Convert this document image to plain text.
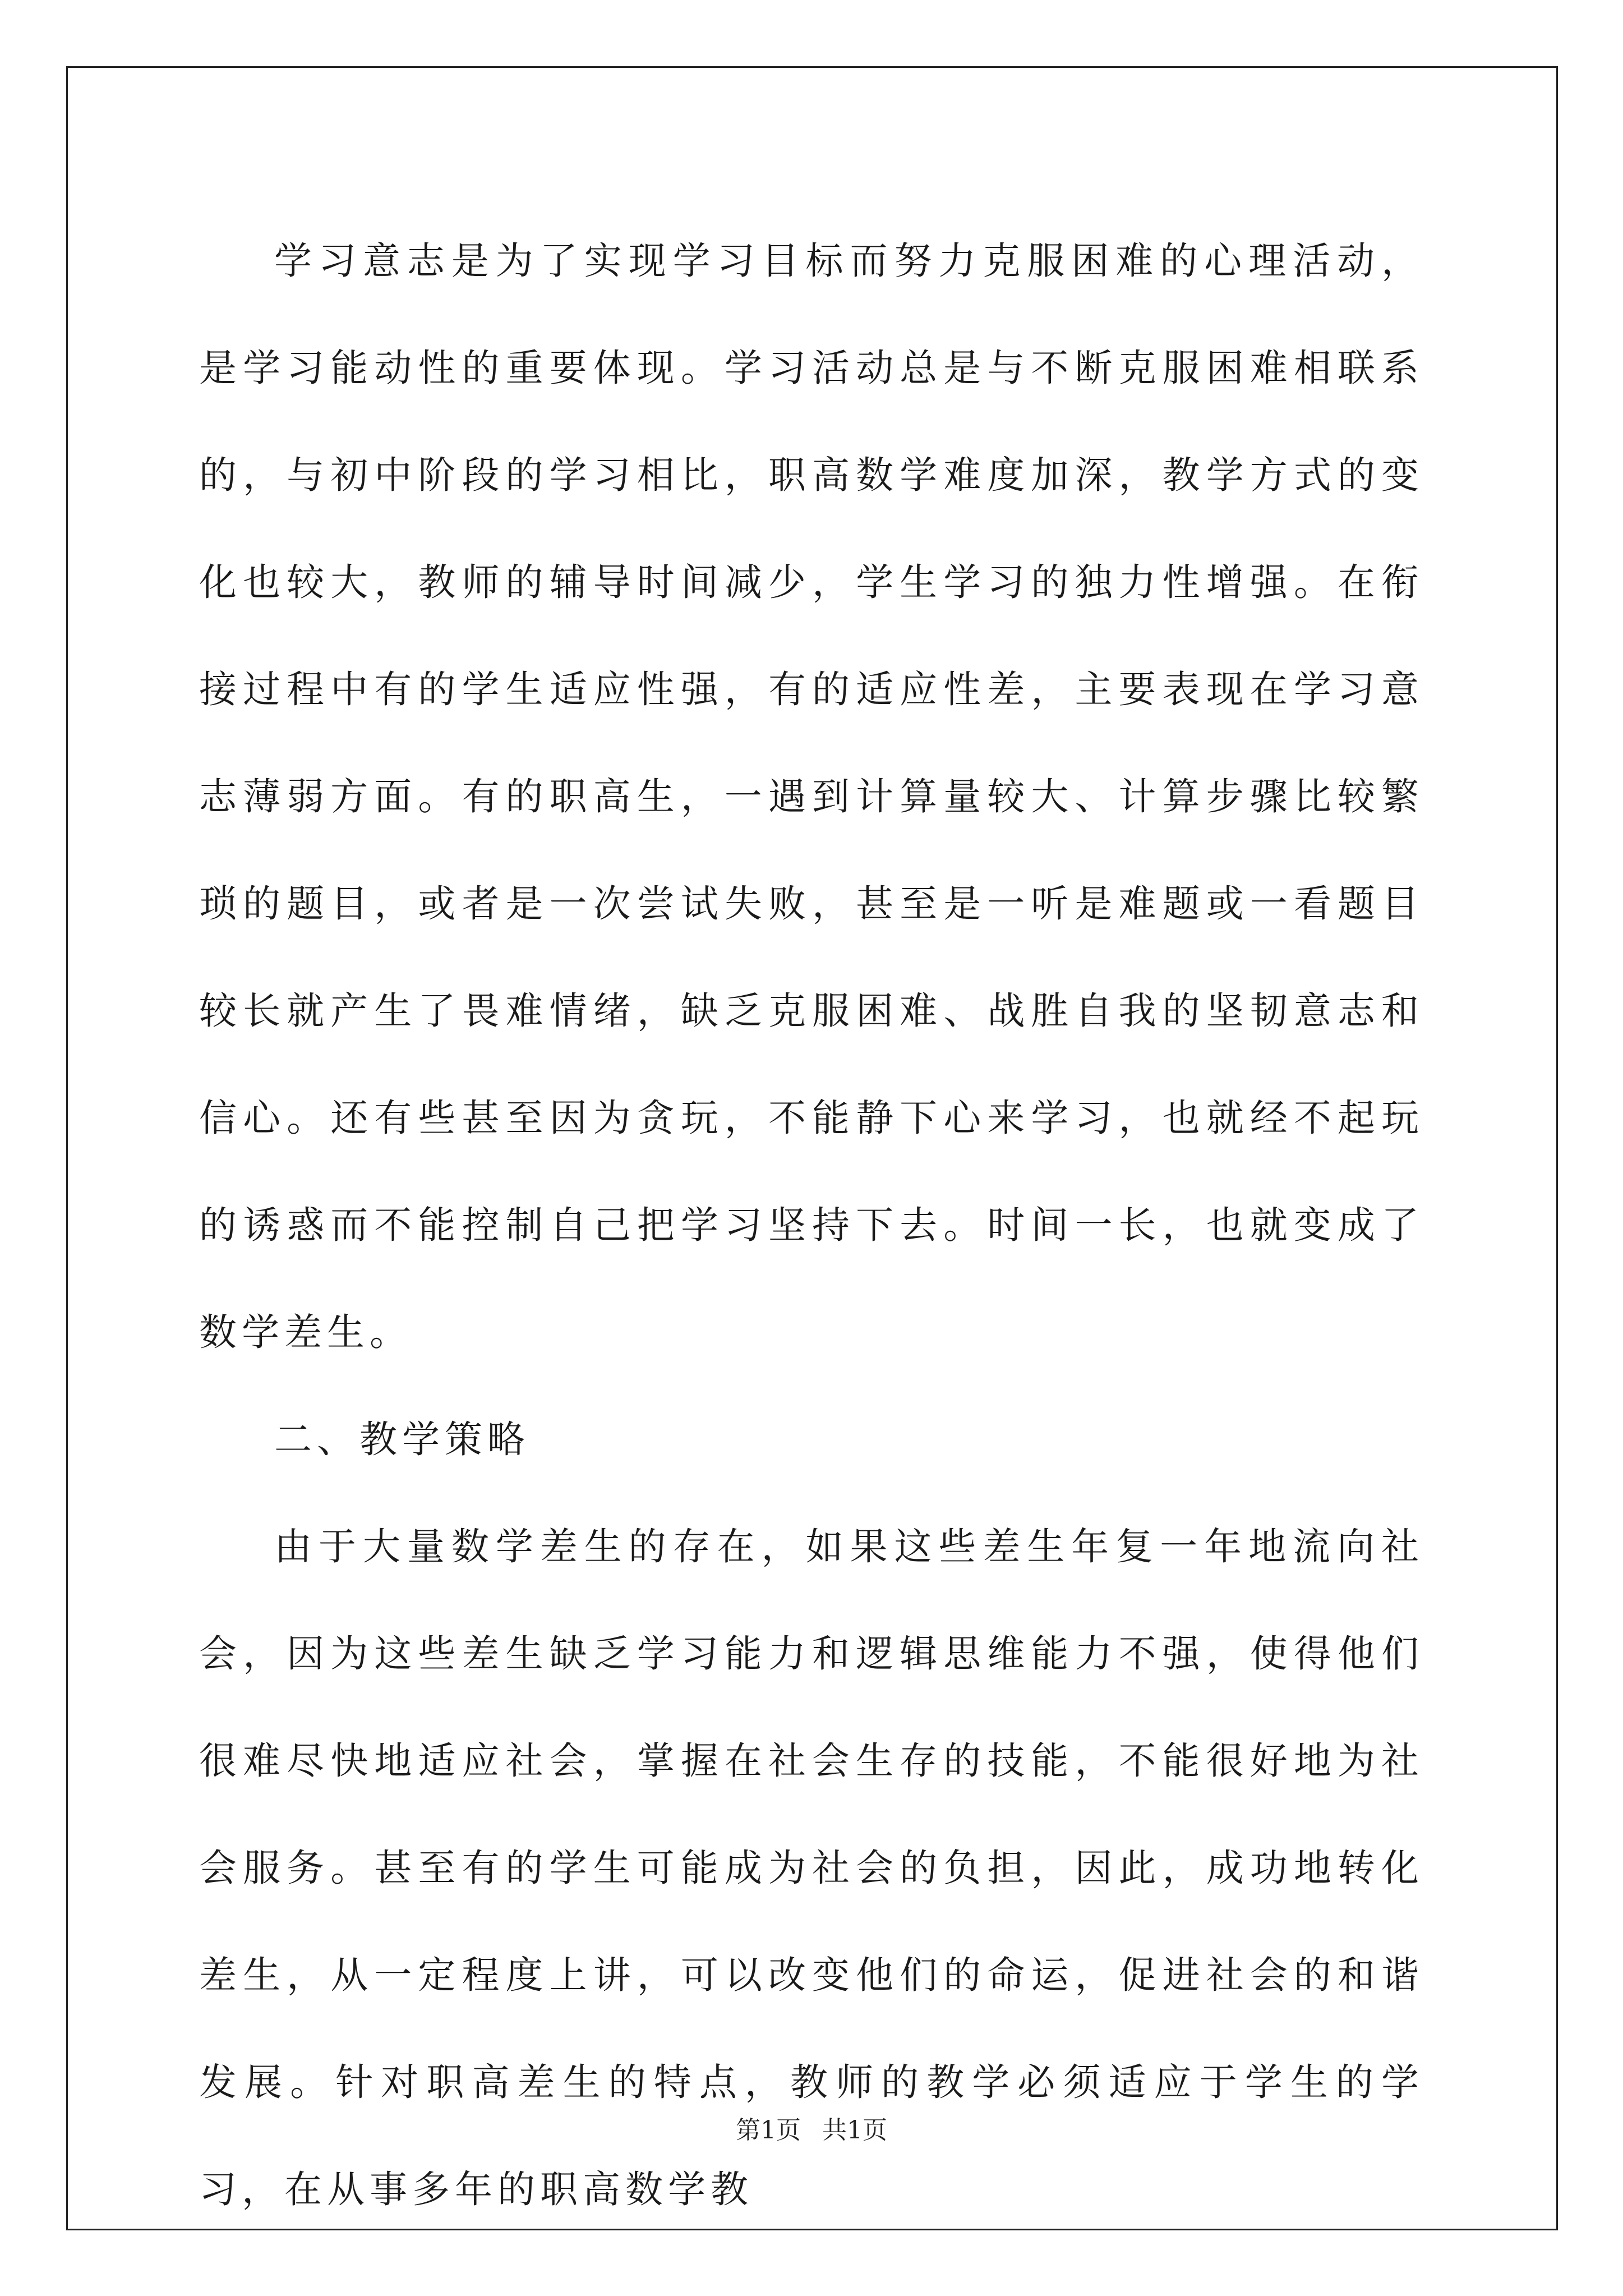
学习意志是为了实现学习目标而努力克服困难的心理活动，是学习能动性的重要体现。学习活动总是与不断克服困难相联系的，与初中阶段的学习相比，职高数学难度加深，教学方式的变化也较大，教师的辅导时间减少，学生学习的独力性增强。在衔接过程中有的学生适应性强，有的适应性差，主要表现在学习意志薄弱方面。有的职高生，一遇到计算量较大、计算步骤比较繁琐的题目，或者是一次尝试失败，甚至是一听是难题或一看题目较长就产生了畏难情绪，缺乏克服困难、战胜自我的坚韧意志和信心。还有些甚至因为贪玩，不能静下心来学习，也就经不起玩的诱惑而不能控制自己把学习坚持下去。时间一长，也就变成了数学差生。

二、教学策略

由于大量数学差生的存在，如果这些差生年复一年地流向社会，因为这些差生缺乏学习能力和逻辑思维能力不强，使得他们很难尽快地适应社会，掌握在社会生存的技能，不能很好地为社会服务。甚至有的学生可能成为社会的负担，因此，成功地转化差生，从一定程度上讲，可以改变他们的命运，促进社会的和谐发展。针对职高差生的特点，教师的教学必须适应于学生的学习，在从事多年的职高数学教

第1页 共1页
